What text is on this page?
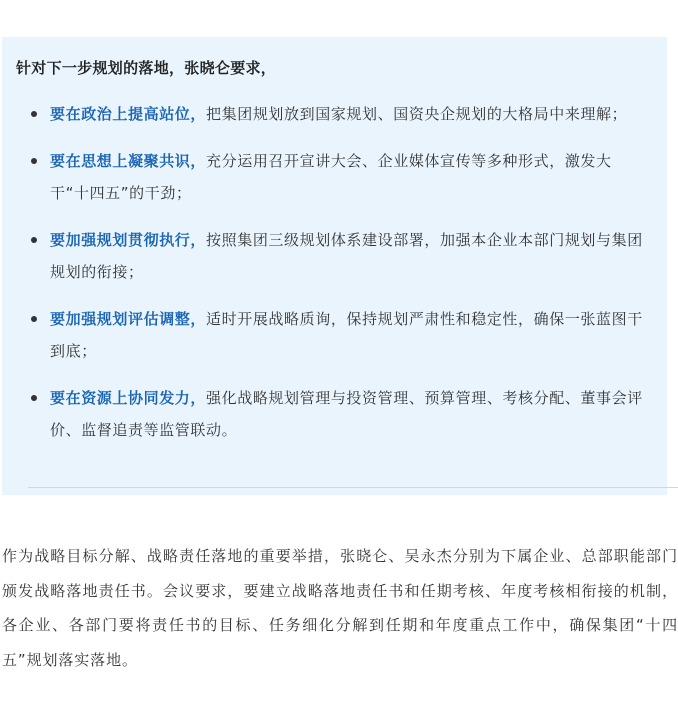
针对下一步规划的落地，张晓仑要求，

要在政治上提高站位，把集团规划放到国家规划、国资央企规划的大格局中来理解；
要在思想上凝聚共识，充分运用召开宣讲大会、企业媒体宣传等多种形式，激发大干“十四五”的干劲；
要加强规划贯彻执行，按照集团三级规划体系建设部署，加强本企业本部门规划与集团规划的衔接；
要加强规划评估调整，适时开展战略质询，保持规划严肃性和稳定性，确保一张蓝图干到底；
要在资源上协同发力，强化战略规划管理与投资管理、预算管理、考核分配、董事会评价、监督追责等监管联动。

作为战略目标分解、战略责任落地的重要举措，张晓仑、吴永杰分别为下属企业、总部职能部门颁发战略落地责任书。会议要求，要建立战略落地责任书和任期考核、年度考核相衔接的机制，各企业、各部门要将责任书的目标、任务细化分解到任期和年度重点工作中，确保集团“十四五”规划落实落地。
